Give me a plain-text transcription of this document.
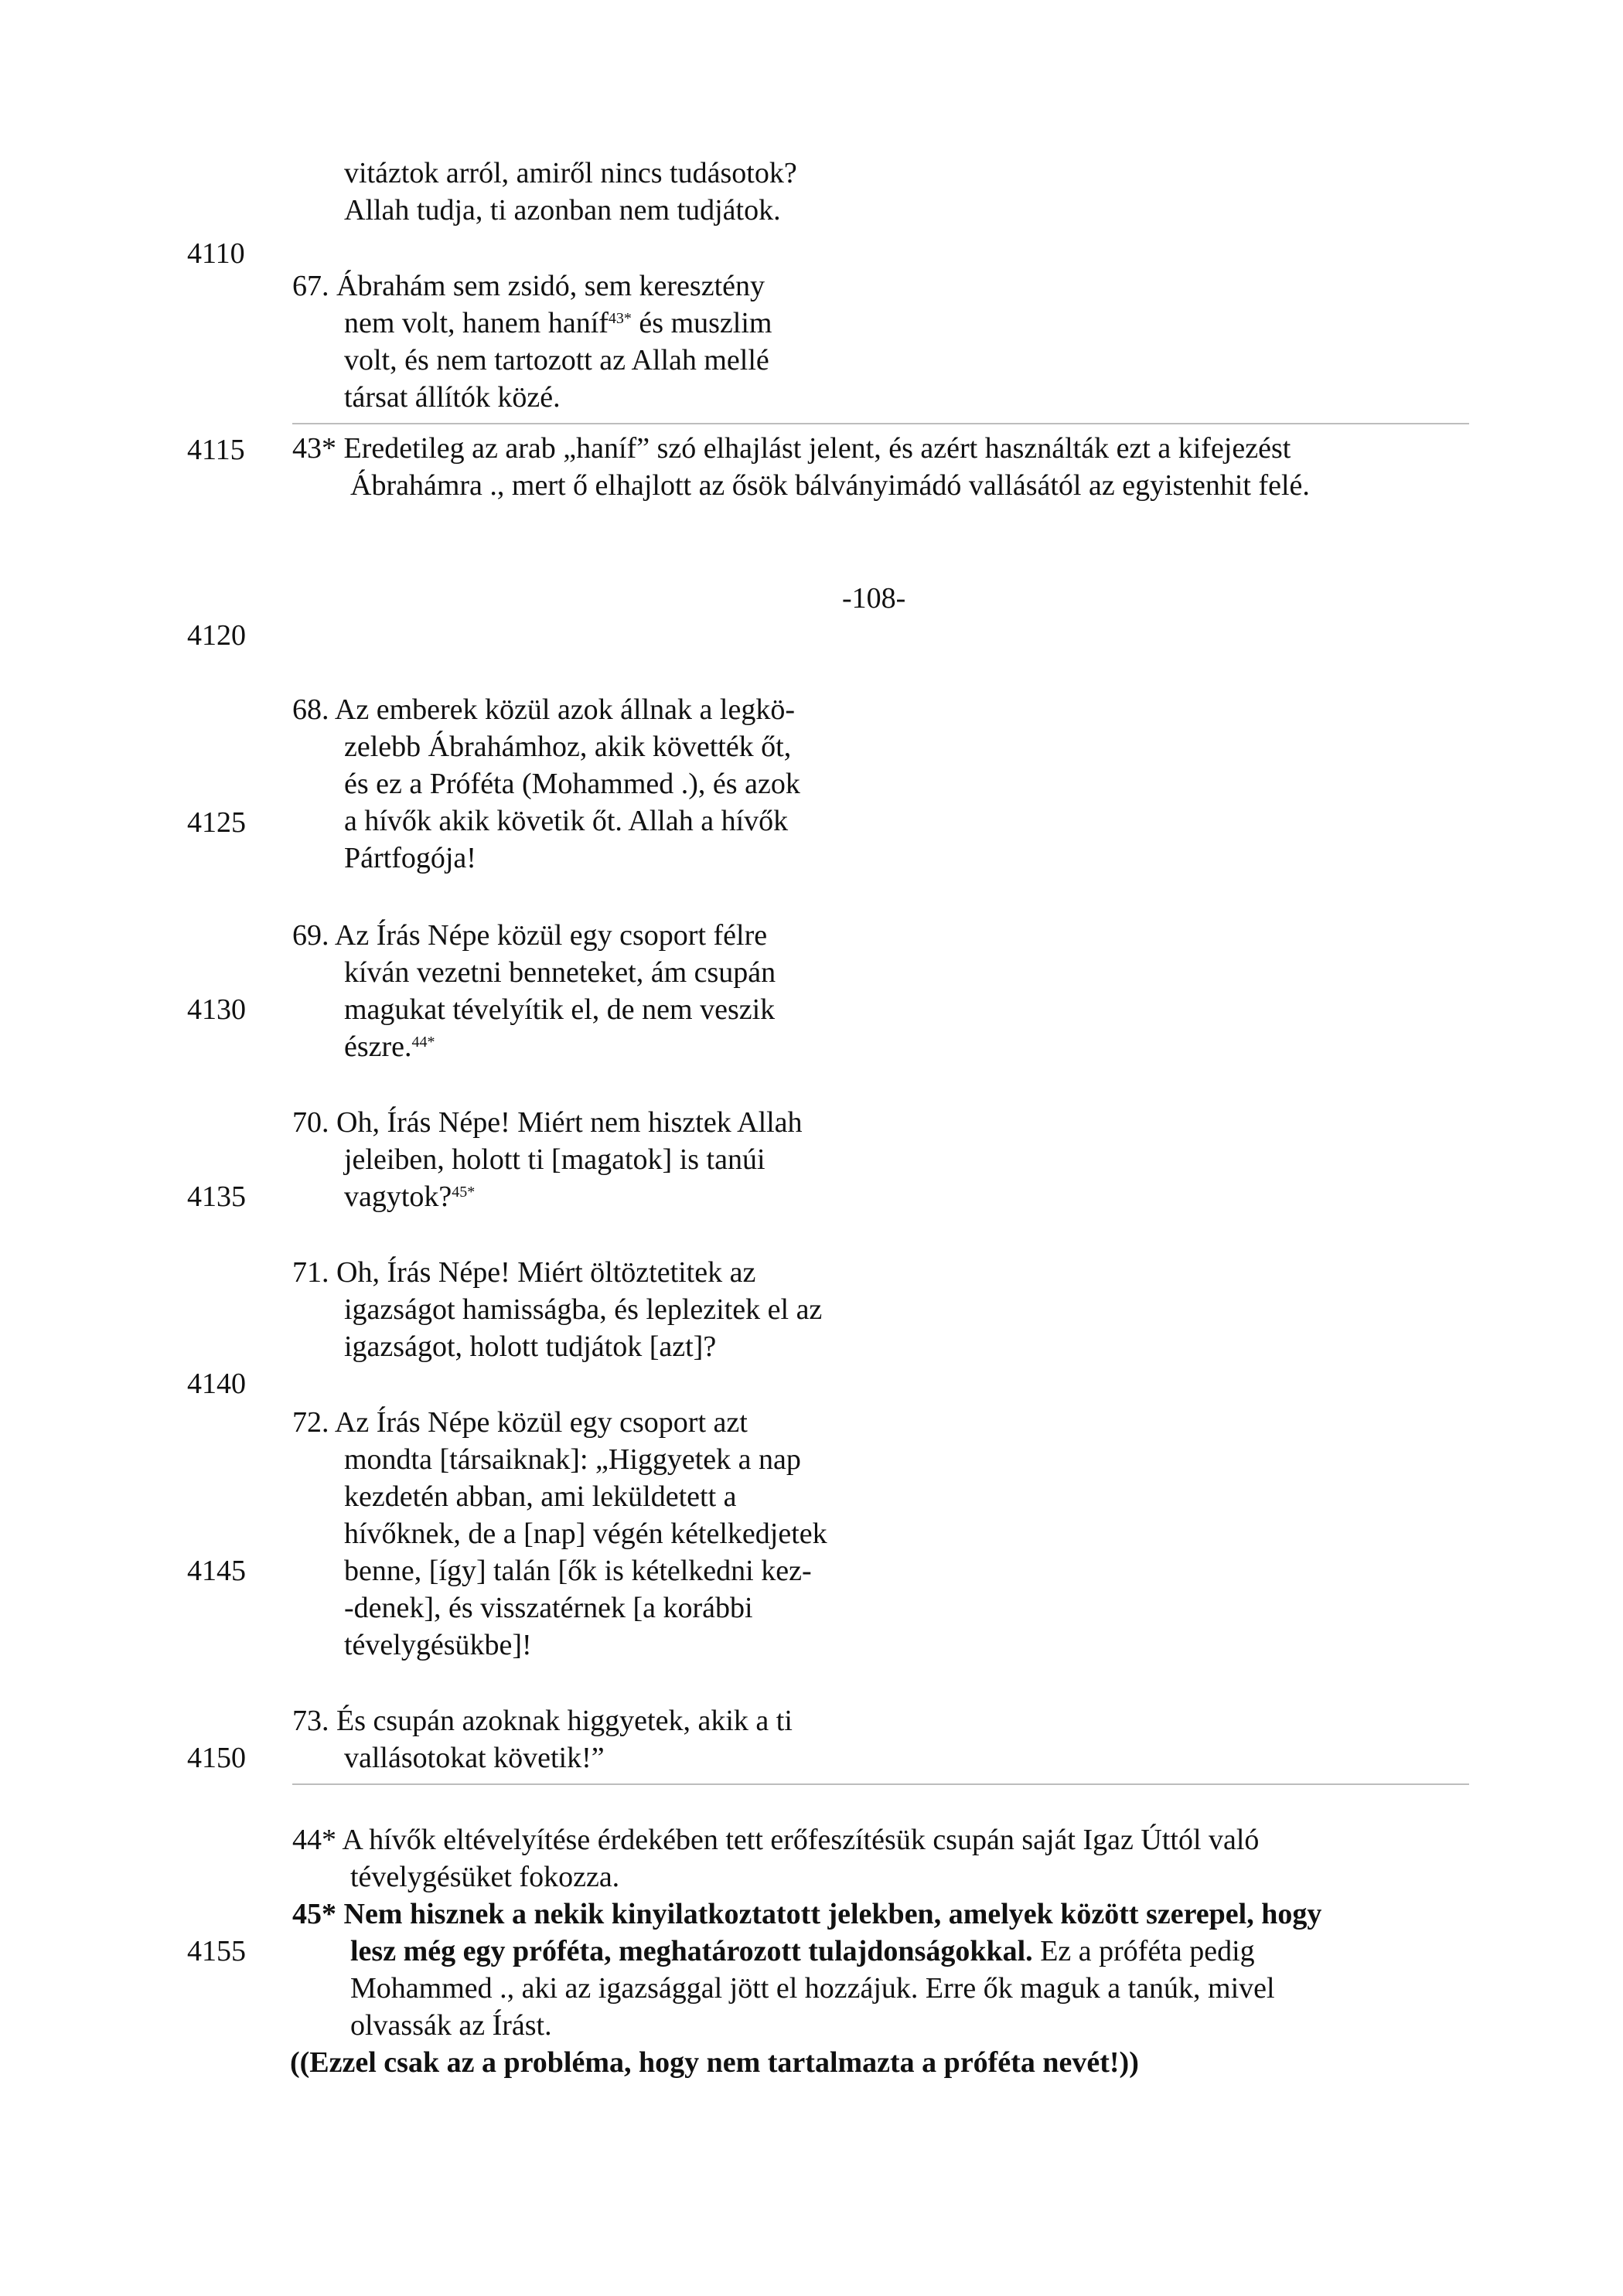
4110
4115
4120
4125
4130
4135
4140
4145
4150
4155
vitáztok arról, amiről nincs tudásotok?
Allah tudja, ti azonban nem tudjátok.
67. Ábrahám sem zsidó, sem keresztény
nem volt, hanem haníf$^{43*}$ és muszlim
volt, és nem tartozott az Allah mellé
társat állítók közé.
43* Eredetileg az arab „haníf” szó elhajlást jelent, és azért használták ezt a kifejezést
Ábrahámra ., mert ő elhajlott az ősök bálványimádó vallásától az egyistenhit felé.
-108-
68. Az emberek közül azok állnak a legkö-
zelebb Ábrahámhoz, akik követték őt,
és ez a Próféta (Mohammed .), és azok
a hívők akik követik őt. Allah a hívők
Pártfogója!
69. Az Írás Népe közül egy csoport félre
kíván vezetni benneteket, ám csupán
magukat tévelyítik el, de nem veszik
észre.$^{44*}$
70. Oh, Írás Népe! Miért nem hisztek Allah
jeleiben, holott ti [magatok] is tanúi
vagytok?$^{45*}$
71. Oh, Írás Népe! Miért öltöztetitek az
igazságot hamisságba, és leplezitek el az
igazságot, holott tudjátok [azt]?
72. Az Írás Népe közül egy csoport azt
mondta [társaiknak]: „Higgyetek a nap
kezdetén abban, ami leküldetett a
hívőknek, de a [nap] végén kételkedjetek
benne, [így] talán [ők is kételkedni kez-
-denek], és visszatérnek [a korábbi
tévelygésükbe]!
73. És csupán azoknak higgyetek, akik a ti
vallásotokat követik!”
44* A hívők eltévelyítése érdekében tett erőfeszítésük csupán saját Igaz Úttól való
tévelygésüket fokozza.
45* Nem hisznek a nekik kinyilatkoztatott jelekben, amelyek között szerepel, hogy
lesz még egy próféta, meghatározott tulajdonságokkal. Ez a próféta pedig
Mohammed ., aki az igazsággal jött el hozzájuk. Erre ők maguk a tanúk, mivel
olvassák az Írást.
((Ezzel csak az a probléma, hogy nem tartalmazta a próféta nevét!))
